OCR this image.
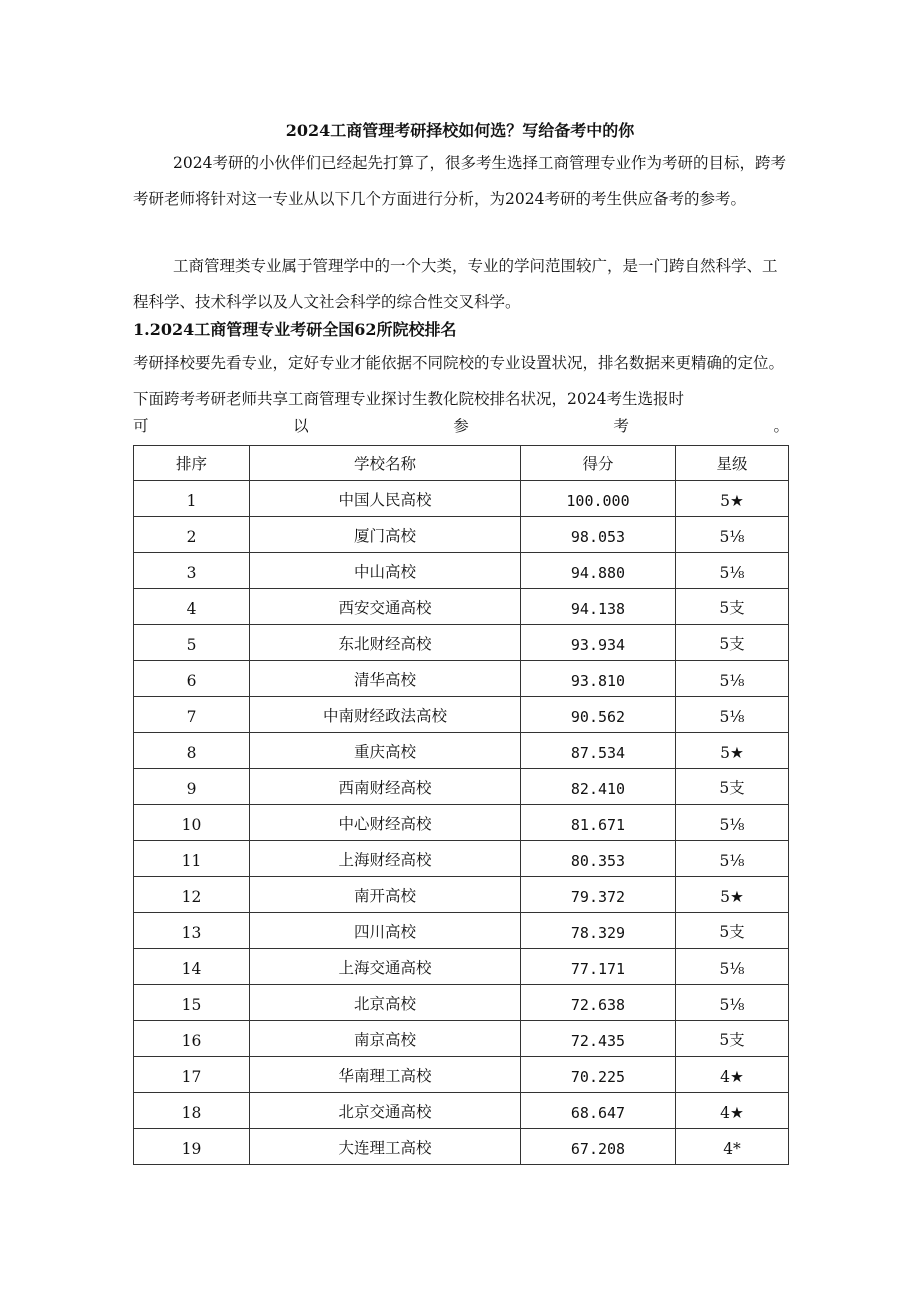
2024工商管理考研择校如何选？写给备考中的你
2024考研的小伙伴们已经起先打算了，很多考生选择工商管理专业作为考研的目标，跨考考研老师将针对这一专业从以下几个方面进行分析，为2024考研的考生供应备考的参考。
工商管理类专业属于管理学中的一个大类，专业的学问范围较广，是一门跨自然科学、工程科学、技术科学以及人文社会科学的综合性交叉科学。
1.2024工商管理专业考研全国62所院校排名
考研择校要先看专业，定好专业才能依据不同院校的专业设置状况，排名数据来更精确的定位。下面跨考考研老师共享工商管理专业探讨生教化院校排名状况，2024考生选报时
可	以	参	考	。
排序	学校名称	得分	星级

1	中国人民高校	100.000	5★

2	厦门高校	98.053	5⅛

3	中山高校	94.880	5⅛

4	西安交通高校	94.138	5支

5	东北财经高校	93.934	5支

6	清华高校	93.810	5⅛

7	中南财经政法高校	90.562	5⅛

8	重庆高校	87.534	5★

9	西南财经高校	82.410	5支

10	中心财经高校	81.671	5⅛

11	上海财经高校	80.353	5⅛

12	南开高校	79.372	5★

13	四川高校	78.329	5支

14	上海交通高校	77.171	5⅛

15	北京高校	72.638	5⅛

16	南京高校	72.435	5支

17	华南理工高校	70.225	4★

18	北京交通高校	68.647	4★

19	大连理工高校	67.208	4*
